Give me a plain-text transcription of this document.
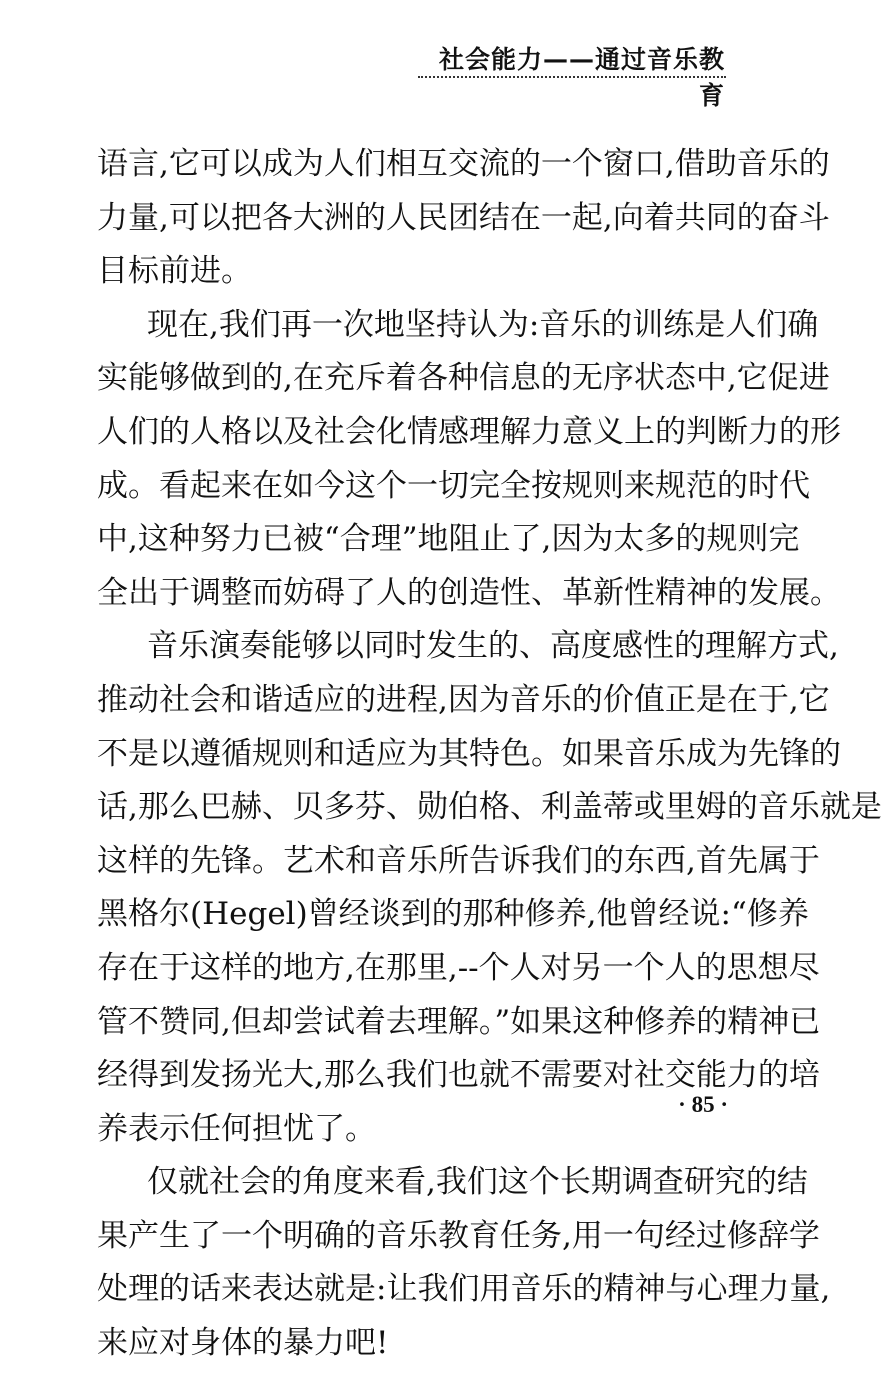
社会能力——通过音乐教育
语言,它可以成为人们相互交流的一个窗口,借助音乐的
力量,可以把各大洲的人民团结在一起,向着共同的奋斗
目标前进。
现在,我们再一次地坚持认为:音乐的训练是人们确
实能够做到的,在充斥着各种信息的无序状态中,它促进
人们的人格以及社会化情感理解力意义上的判断力的形
成。看起来在如今这个一切完全按规则来规范的时代
中,这种努力已被“合理”地阻止了,因为太多的规则完
全出于调整而妨碍了人的创造性、革新性精神的发展。
音乐演奏能够以同时发生的、高度感性的理解方式,
推动社会和谐适应的进程,因为音乐的价值正是在于,它
不是以遵循规则和适应为其特色。如果音乐成为先锋的
话,那么巴赫、贝多芬、勋伯格、利盖蒂或里姆的音乐就是
这样的先锋。艺术和音乐所告诉我们的东西,首先属于
黑格尔(Hegel)曾经谈到的那种修养,他曾经说:“修养
存在于这样的地方,在那里,--个人对另一个人的思想尽
管不赞同,但却尝试着去理解。”如果这种修养的精神已
经得到发扬光大,那么我们也就不需要对社交能力的培
养表示任何担忧了。
仅就社会的角度来看,我们这个长期调查研究的结
果产生了一个明确的音乐教育任务,用一句经过修辞学
处理的话来表达就是:让我们用音乐的精神与心理力量,
来应对身体的暴力吧!
· 85 ·
